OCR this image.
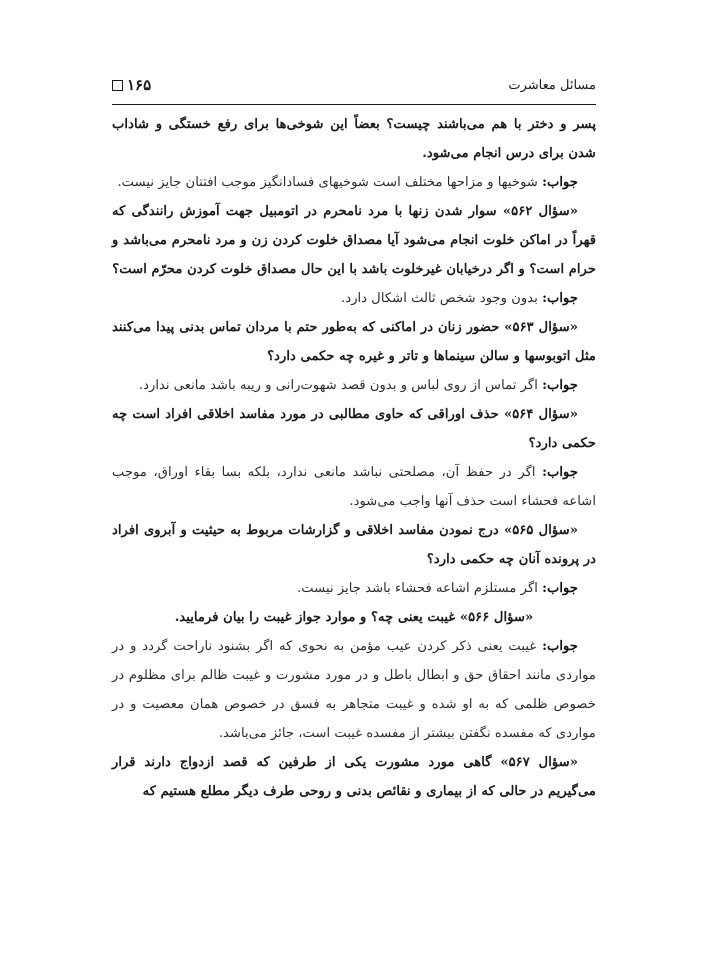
مسائل معاشرت
۱۶۵

پسر و دختر با هم می‌باشند چیست؟ بعضاً این شوخی‌ها برای رفع خستگی و شاداب شدن برای درس انجام می‌شود.

جواب: شوخیها و مزاحها مختلف است شوخیهای فسادانگیز موجب افتتان جایز نیست.

«سؤال ۵۶۲» سوار شدن زنها با مرد نامحرم در اتومبیل جهت آموزش رانندگی که قهراً در اماکن خلوت انجام می‌شود آیا مصداق خلوت کردن زن و مرد نامحرم می‌باشد و حرام است؟ و اگر درخیابان غیرخلوت باشد با این حال مصداق خلوت کردن محرّم است؟

جواب: بدون وجود شخص ثالث اشکال دارد.

«سؤال ۵۶۳» حضور زنان در اماکنی که به‌طور حتم با مردان تماس بدنی پیدا می‌کنند مثل اتوبوسها و سالن سینماها و تاتر و غیره چه حکمی دارد؟

جواب: اگر تماس از روی لباس و بدون قصد شهوت‌رانی و ریبه باشد مانعی ندارد.

«سؤال ۵۶۴» حذف اوراقی که حاوی مطالبی در مورد مفاسد اخلاقی افراد است چه حکمی دارد؟

جواب: اگر در حفظ آن، مصلحتی نباشد مانعی ندارد، بلکه بسا بقاء اوراق، موجب اشاعه فحشاء است حذف آنها واجب می‌شود.

«سؤال ۵۶۵» درج نمودن مفاسد اخلاقی و گزارشات مربوط به حیثیت و آبروی افراد در پرونده آنان چه حکمی دارد؟

جواب: اگر مستلزم اشاعه فحشاء باشد جایز نیست.

«سؤال ۵۶۶» غیبت یعنی چه؟ و موارد جواز غیبت را بیان فرمایید.

جواب: غیبت یعنی ذکر کردن عیب مؤمن به نحوی که اگر بشنود ناراحت گردد و در مواردی مانند احقاق حق و ابطال باطل و در مورد مشورت و غیبت ظالم برای مظلوم در خصوص ظلمی که به او شده و غیبت متجاهر به فسق در خصوص همان معصیت و در مواردی که مفسده نگفتن بیشتر از مفسده غیبت است، جائز می‌باشد.

«سؤال ۵۶۷» گاهی مورد مشورت یکی از طرفین که قصد ازدواج دارند قرار می‌گیریم در حالی که از بیماری و نقائص بدنی و روحی طرف دیگر مطلع هستیم که
